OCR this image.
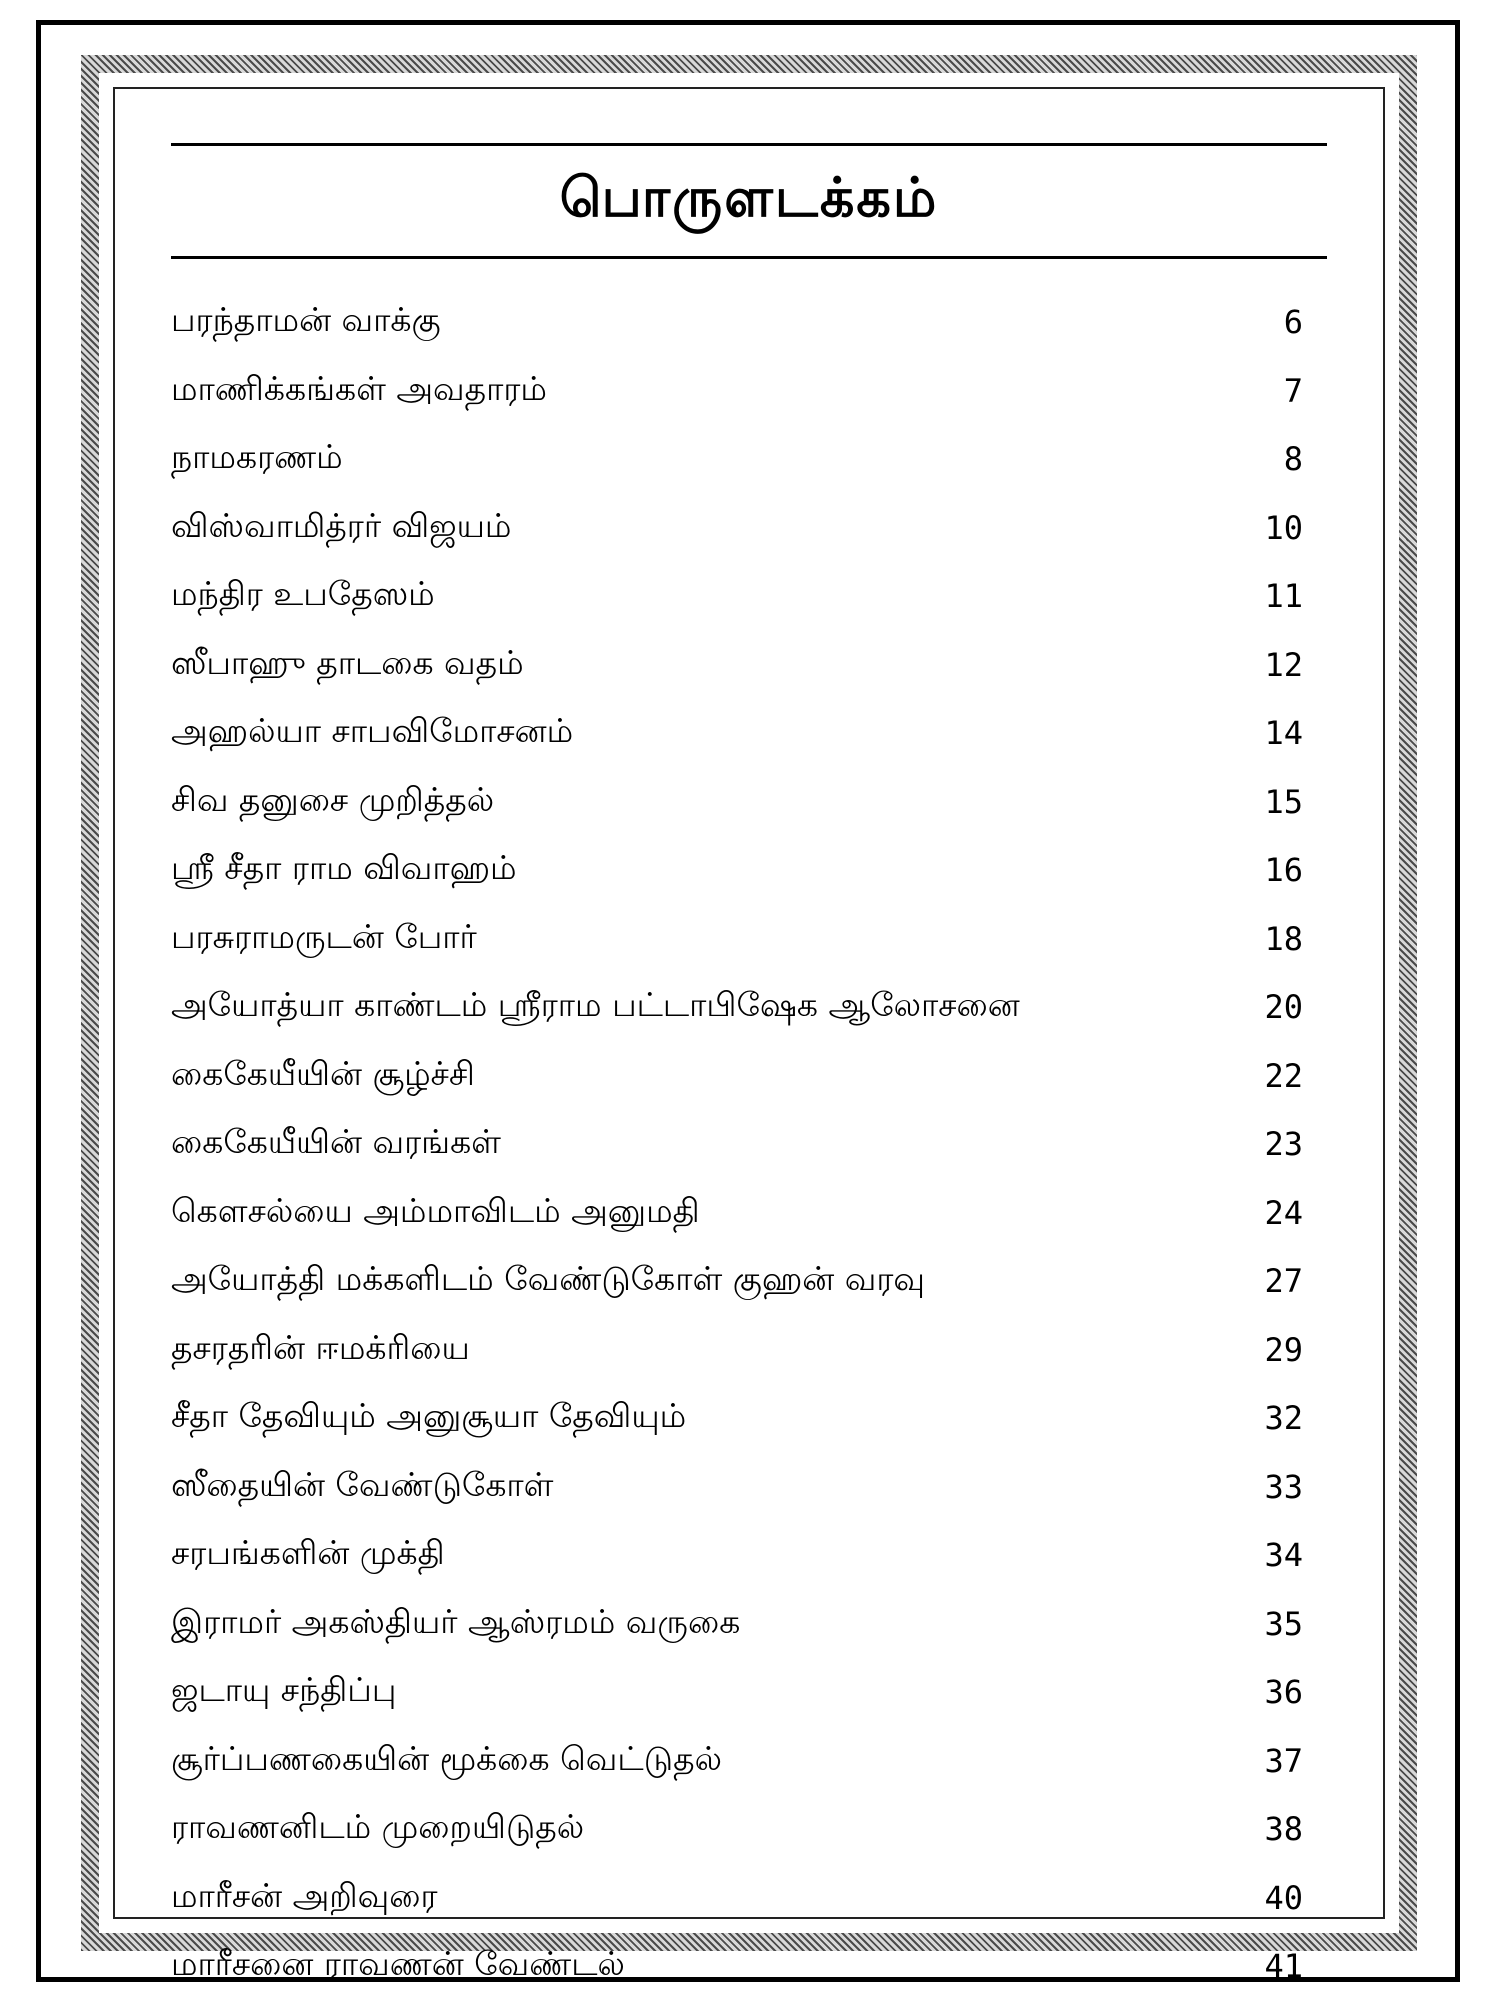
பொருளடக்கம்
பரந்தாமன் வாக்கு	6
மாணிக்கங்கள் அவதாரம்	7
நாமகரணம்	8
விஸ்வாமித்ரர் விஜயம்	10
மந்திர உபதேஸம்	11
ஸீபாஹு தாடகை வதம்	12
அஹல்யா சாபவிமோசனம்	14
சிவ தனுசை முறித்தல்	15
ஸ்ரீ சீதா ராம விவாஹம்	16
பரசுராமருடன் போர்	18
அயோத்யா காண்டம் ஸ்ரீராம பட்டாபிஷேக ஆலோசனை	20
கைகேயீயின் சூழ்ச்சி	22
கைகேயீயின் வரங்கள்	23
கௌசல்யை அம்மாவிடம் அனுமதி	24
அயோத்தி மக்களிடம் வேண்டுகோள் குஹன் வரவு	27
தசரதரின் ஈமக்ரியை	29
சீதா தேவியும் அனுசூயா தேவியும்	32
ஸீதையின் வேண்டுகோள்	33
சரபங்களின் முக்தி	34
இராமர் அகஸ்தியர் ஆஸ்ரமம் வருகை	35
ஜடாயு சந்திப்பு	36
சூர்ப்பணகையின் மூக்கை வெட்டுதல்	37
ராவணனிடம் முறையிடுதல்	38
மாரீசன் அறிவுரை	40
மாரீசனை ராவணன் வேண்டல்	41
